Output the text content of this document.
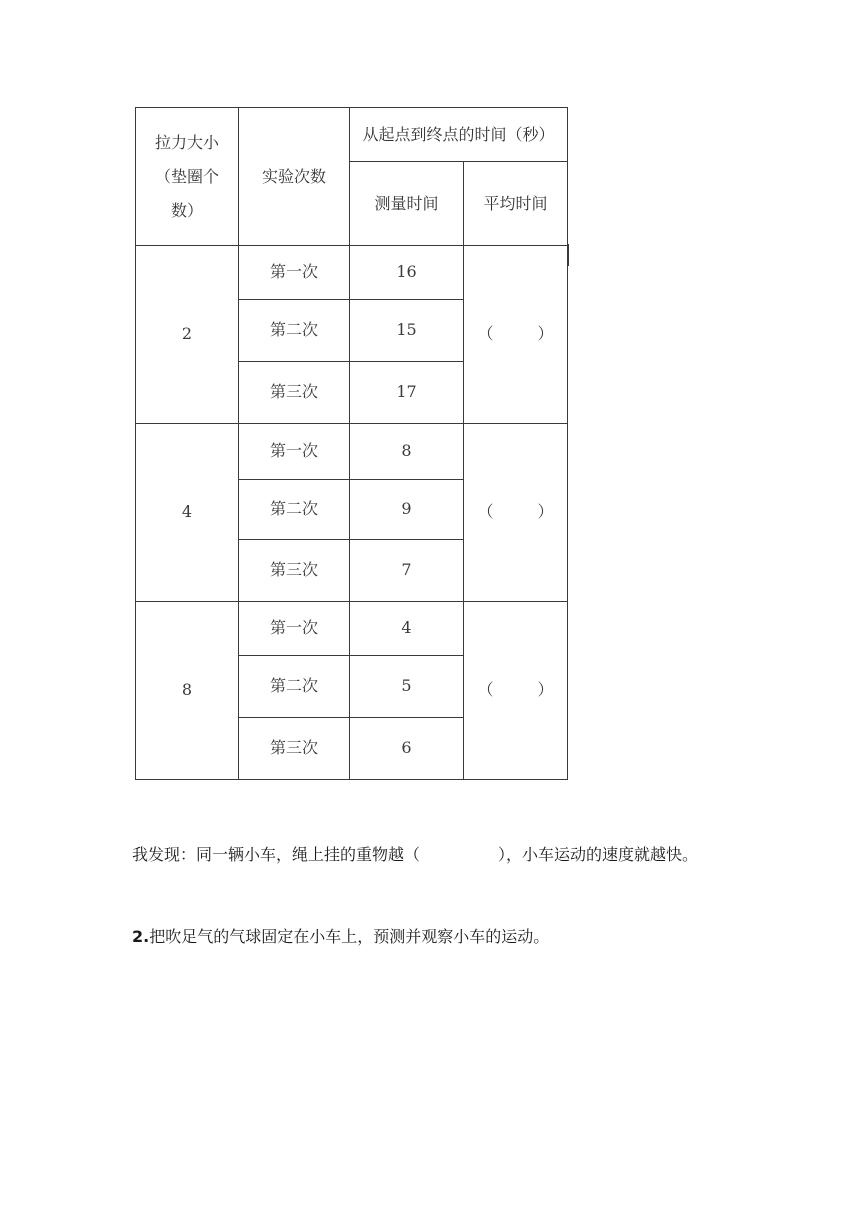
拉力大小
（垫圈个
数）	实验次数	从起点到终点的时间（秒）	
		测量时间	平均时间
2	第一次	16	（ ）
	第二次	15	
	第三次	17	
4	第一次	8	（ ）
	第二次	9	
	第三次	7	
8	第一次	4	（ ）
	第二次	5	
	第三次	6	
我发现：同一辆小车，绳上挂的重物越（	），小车运动的速度就越快。
2.把吹足气的气球固定在小车上，预测并观察小车的运动。
